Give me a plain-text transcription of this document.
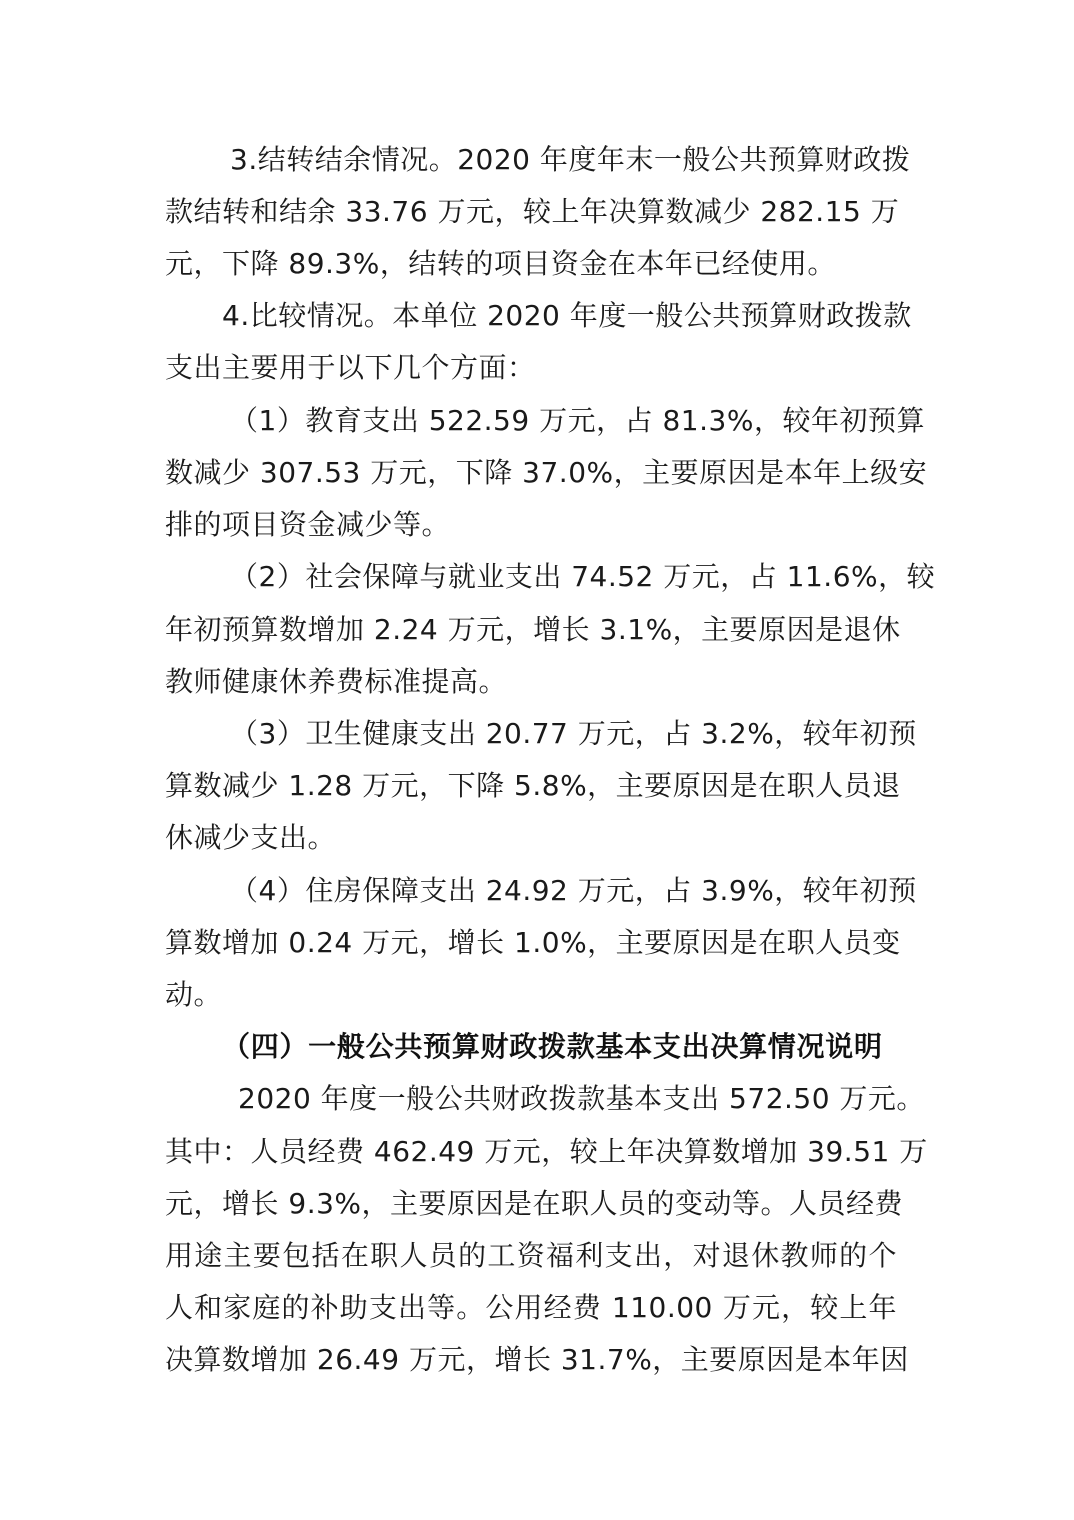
3.结转结余情况。2020 年度年末一般公共预算财政拨
款结转和结余 33.76 万元，较上年决算数减少 282.15 万
元，下降 89.3%，结转的项目资金在本年已经使用。
4.比较情况。本单位 2020 年度一般公共预算财政拨款
支出主要用于以下几个方面：
（1）教育支出 522.59 万元，占 81.3%，较年初预算
数减少 307.53 万元，下降 37.0%，主要原因是本年上级安
排的项目资金减少等。
（2）社会保障与就业支出 74.52 万元，占 11.6%，较
年初预算数增加 2.24 万元，增长 3.1%，主要原因是退休
教师健康休养费标准提高。
（3）卫生健康支出 20.77 万元，占 3.2%，较年初预
算数减少 1.28 万元，下降 5.8%，主要原因是在职人员退
休减少支出。
（4）住房保障支出 24.92 万元，占 3.9%，较年初预
算数增加 0.24 万元，增长 1.0%，主要原因是在职人员变
动。
（四）一般公共预算财政拨款基本支出决算情况说明
2020 年度一般公共财政拨款基本支出 572.50 万元。
其中：人员经费 462.49 万元，较上年决算数增加 39.51 万
元，增长 9.3%，主要原因是在职人员的变动等。人员经费
用途主要包括在职人员的工资福利支出，对退休教师的个
人和家庭的补助支出等。公用经费 110.00 万元，较上年
决算数增加 26.49 万元，增长 31.7%，主要原因是本年因
